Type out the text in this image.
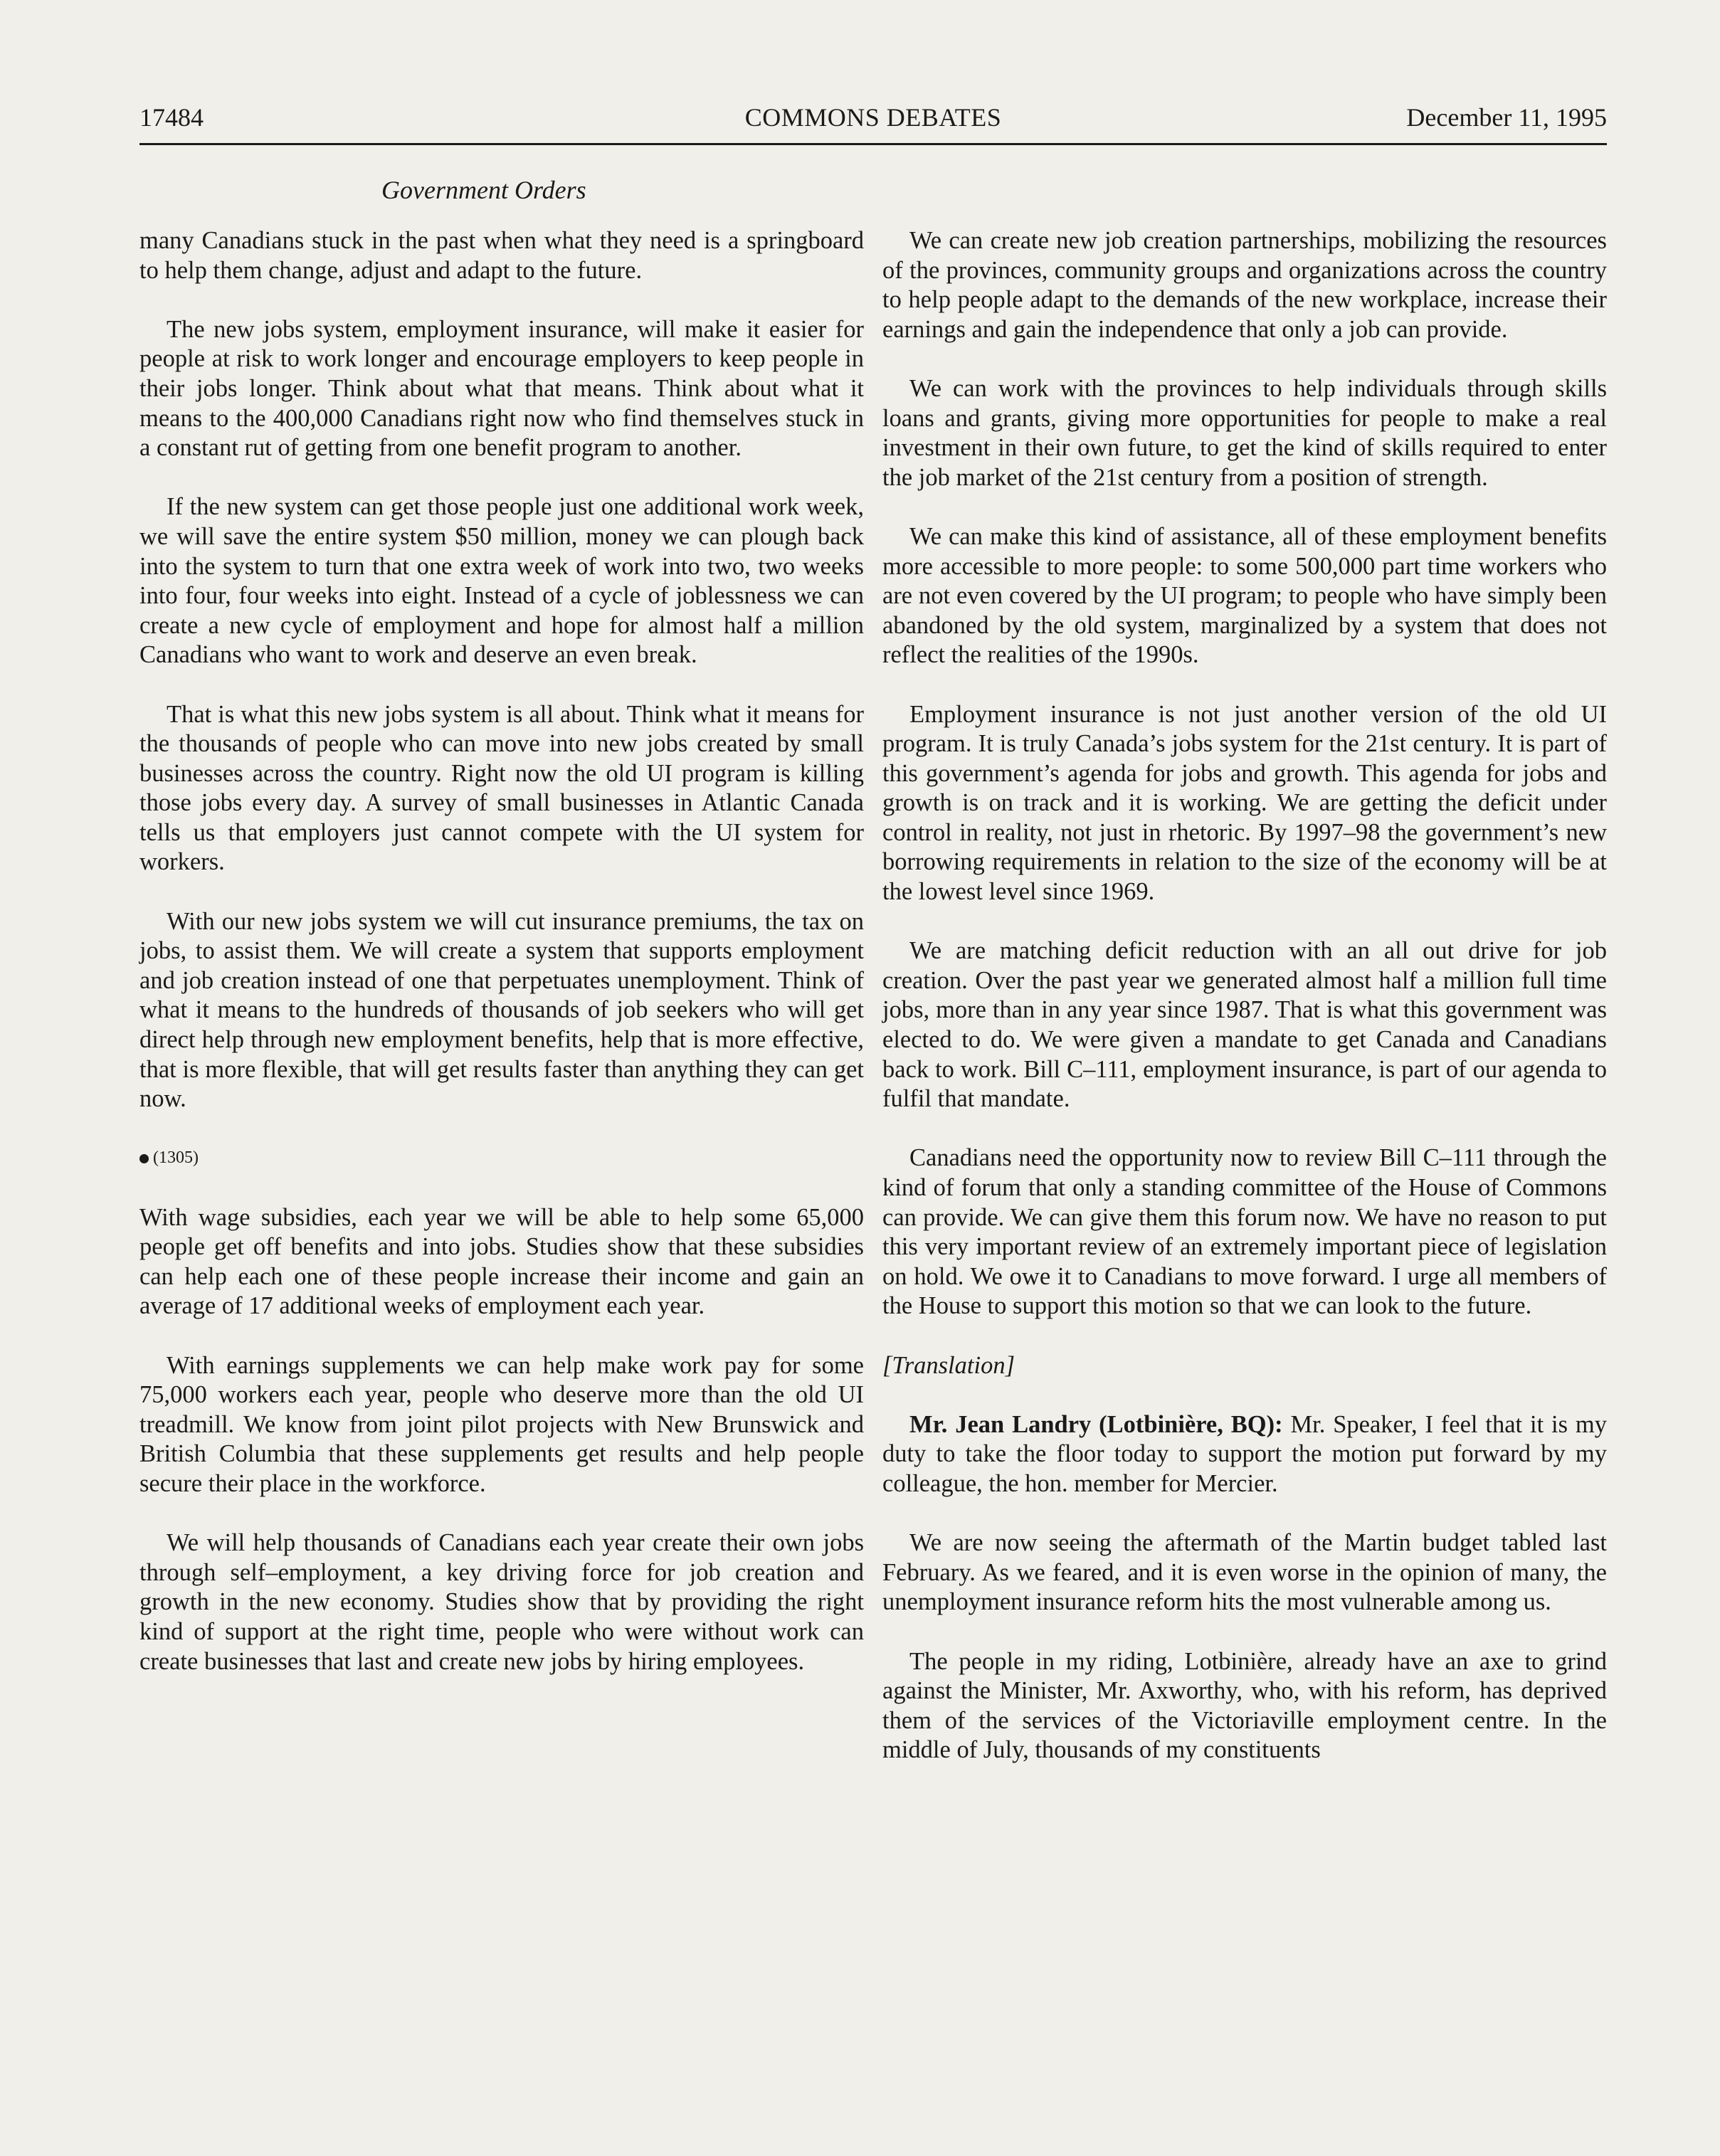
17484	COMMONS DEBATES	December 11, 1995
Government Orders

many Canadians stuck in the past when what they need is a springboard to help them change, adjust and adapt to the future.

The new jobs system, employment insurance, will make it easier for people at risk to work longer and encourage employers to keep people in their jobs longer. Think about what that means. Think about what it means to the 400,000 Canadians right now who find themselves stuck in a constant rut of getting from one benefit program to another.

If the new system can get those people just one additional work week, we will save the entire system $50 million, money we can plough back into the system to turn that one extra week of work into two, two weeks into four, four weeks into eight. Instead of a cycle of joblessness we can create a new cycle of employment and hope for almost half a million Canadians who want to work and deserve an even break.

That is what this new jobs system is all about. Think what it means for the thousands of people who can move into new jobs created by small businesses across the country. Right now the old UI program is killing those jobs every day. A survey of small businesses in Atlantic Canada tells us that employers just cannot compete with the UI system for workers.

With our new jobs system we will cut insurance premiums, the tax on jobs, to assist them. We will create a system that supports employment and job creation instead of one that perpetuates unemployment. Think of what it means to the hundreds of thousands of job seekers who will get direct help through new employment benefits, help that is more effective, that is more flexible, that will get results faster than anything they can get now.

(1305)

With wage subsidies, each year we will be able to help some 65,000 people get off benefits and into jobs. Studies show that these subsidies can help each one of these people increase their income and gain an average of 17 additional weeks of employment each year.

With earnings supplements we can help make work pay for some 75,000 workers each year, people who deserve more than the old UI treadmill. We know from joint pilot projects with New Brunswick and British Columbia that these supplements get results and help people secure their place in the workforce.

We will help thousands of Canadians each year create their own jobs through self–employment, a key driving force for job creation and growth in the new economy. Studies show that by providing the right kind of support at the right time, people who were without work can create businesses that last and create new jobs by hiring employees.

We can create new job creation partnerships, mobilizing the resources of the provinces, community groups and organizations across the country to help people adapt to the demands of the new workplace, increase their earnings and gain the independence that only a job can provide.

We can work with the provinces to help individuals through skills loans and grants, giving more opportunities for people to make a real investment in their own future, to get the kind of skills required to enter the job market of the 21st century from a position of strength.

We can make this kind of assistance, all of these employment benefits more accessible to more people: to some 500,000 part time workers who are not even covered by the UI program; to people who have simply been abandoned by the old system, marginalized by a system that does not reflect the realities of the 1990s.

Employment insurance is not just another version of the old UI program. It is truly Canada’s jobs system for the 21st century. It is part of this government’s agenda for jobs and growth. This agenda for jobs and growth is on track and it is working. We are getting the deficit under control in reality, not just in rhetoric. By 1997–98 the government’s new borrowing requirements in relation to the size of the economy will be at the lowest level since 1969.

We are matching deficit reduction with an all out drive for job creation. Over the past year we generated almost half a million full time jobs, more than in any year since 1987. That is what this government was elected to do. We were given a mandate to get Canada and Canadians back to work. Bill C–111, employment insurance, is part of our agenda to fulfil that mandate.

Canadians need the opportunity now to review Bill C–111 through the kind of forum that only a standing committee of the House of Commons can provide. We can give them this forum now. We have no reason to put this very important review of an extremely important piece of legislation on hold. We owe it to Canadians to move forward. I urge all members of the House to support this motion so that we can look to the future.

[Translation]

Mr. Jean Landry (Lotbinière, BQ): Mr. Speaker, I feel that it is my duty to take the floor today to support the motion put forward by my colleague, the hon. member for Mercier.

We are now seeing the aftermath of the Martin budget tabled last February. As we feared, and it is even worse in the opinion of many, the unemployment insurance reform hits the most vulnerable among us.

The people in my riding, Lotbinière, already have an axe to grind against the Minister, Mr. Axworthy, who, with his reform, has deprived them of the services of the Victoriaville employment centre. In the middle of July, thousands of my constituents
